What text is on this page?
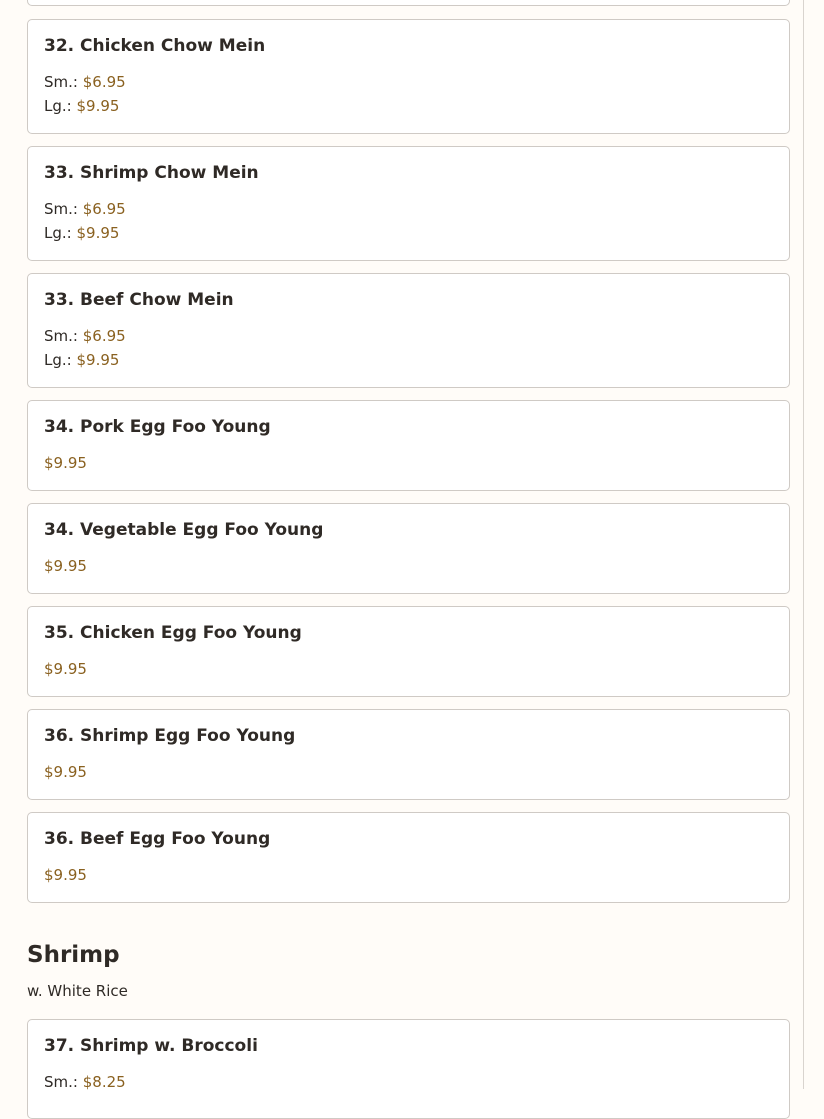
32. Chicken Chow Mein
Sm.: $6.95
Lg.: $9.95
33. Shrimp Chow Mein
Sm.: $6.95
Lg.: $9.95
33. Beef Chow Mein
Sm.: $6.95
Lg.: $9.95
34. Pork Egg Foo Young
$9.95
34. Vegetable Egg Foo Young
$9.95
35. Chicken Egg Foo Young
$9.95
36. Shrimp Egg Foo Young
$9.95
36. Beef Egg Foo Young
$9.95
Shrimp
w. White Rice
37. Shrimp w. Broccoli
Sm.: $8.25
